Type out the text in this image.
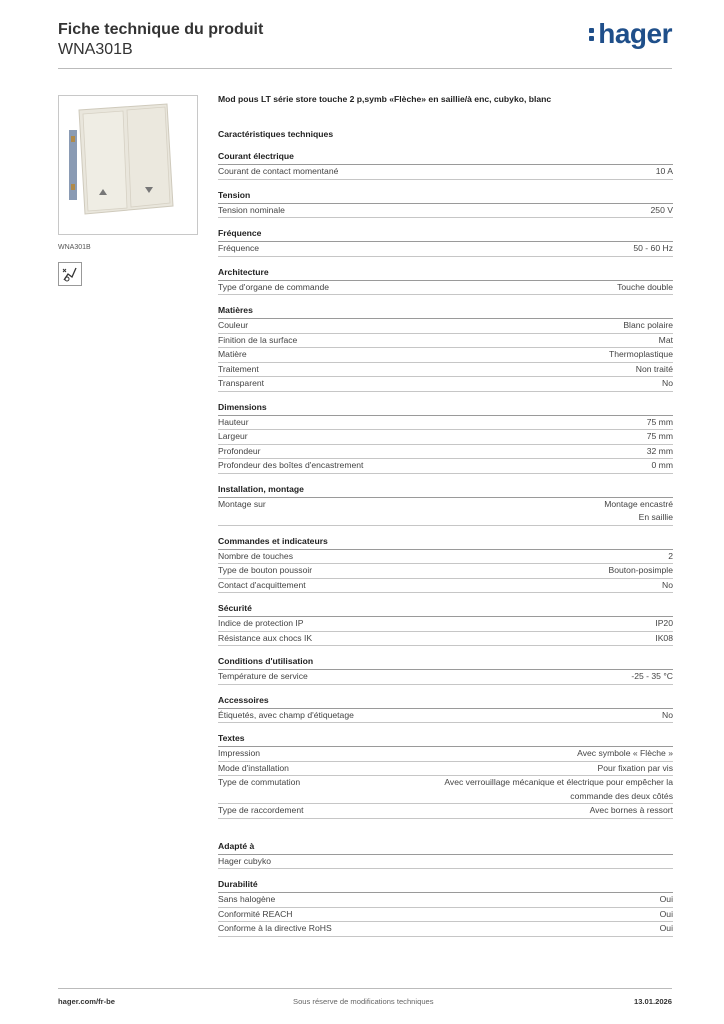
Fiche technique du produit
WNA301B
hager
WNA301B
Mod pous LT série store touche 2 p,symb «Flèche» en saillie/à enc, cubyko, blanc
Caractéristiques techniques
Courant électrique
Courant de contact momentané	10 A
Tension
Tension nominale	250 V
Fréquence
Fréquence	50 - 60 Hz
Architecture
Type d'organe de commande	Touche double
Matières
Couleur	Blanc polaire
Finition de la surface	Mat
Matière	Thermoplastique
Traitement	Non traité
Transparent	No
Dimensions
Hauteur	75 mm
Largeur	75 mm
Profondeur	32 mm
Profondeur des boîtes d'encastrement	0 mm
Installation, montage
Montage sur	Montage encastré
En saillie
Commandes et indicateurs
Nombre de touches	2
Type de bouton poussoir	Bouton-posimple
Contact d'acquittement	No
Sécurité
Indice de protection IP	IP20
Résistance aux chocs IK	IK08
Conditions d'utilisation
Température de service	-25 - 35 °C
Accessoires
Étiquetés, avec champ d'étiquetage	No
Textes
Impression	Avec symbole « Flèche »
Mode d'installation	Pour fixation par vis
Type de commutation	Avec verrouillage mécanique et électrique pour empêcher la
commande des deux côtés
Type de raccordement	Avec bornes à ressort
Adapté à
Hager cubyko
Durabilité
Sans halogène	Oui
Conformité REACH	Oui
Conforme à la directive RoHS	Oui
hager.com/fr-be	Sous réserve de modifications techniques	13.01.2026
